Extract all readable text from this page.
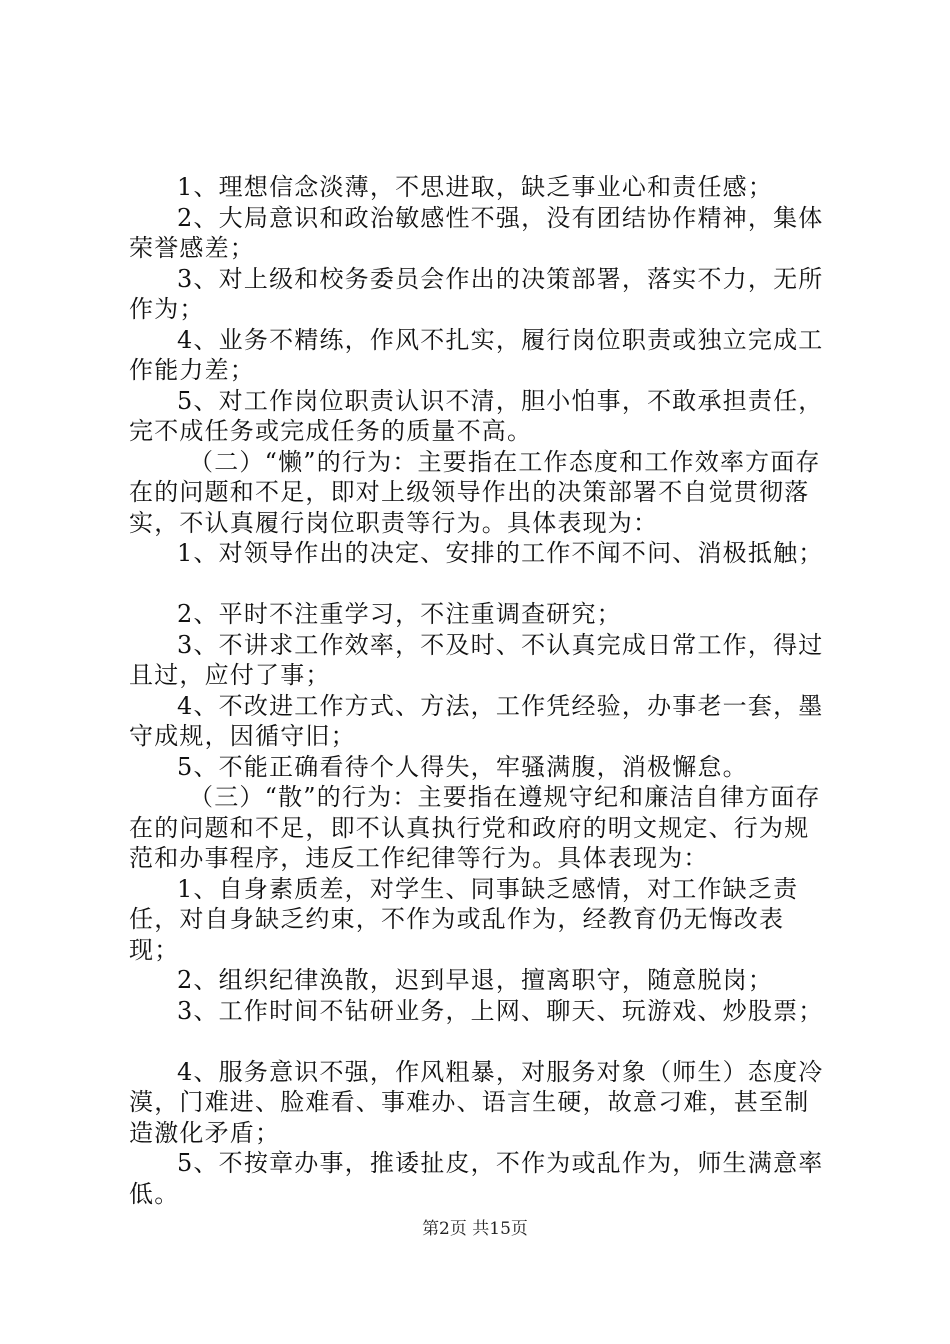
1、理想信念淡薄，不思进取，缺乏事业心和责任感；

2、大局意识和政治敏感性不强，没有团结协作精神，集体荣誉感差；

3、对上级和校务委员会作出的决策部署，落实不力，无所作为；

4、业务不精练，作风不扎实，履行岗位职责或独立完成工作能力差；

5、对工作岗位职责认识不清，胆小怕事，不敢承担责任，完不成任务或完成任务的质量不高。

（二）“懒”的行为：主要指在工作态度和工作效率方面存在的问题和不足，即对上级领导作出的决策部署不自觉贯彻落实，不认真履行岗位职责等行为。具体表现为：

1、对领导作出的决定、安排的工作不闻不问、消极抵触；

2、平时不注重学习，不注重调查研究；

3、不讲求工作效率，不及时、不认真完成日常工作，得过且过，应付了事；

4、不改进工作方式、方法，工作凭经验，办事老一套，墨守成规，因循守旧；

5、不能正确看待个人得失，牢骚满腹，消极懈怠。

（三）“散”的行为：主要指在遵规守纪和廉洁自律方面存在的问题和不足，即不认真执行党和政府的明文规定、行为规范和办事程序，违反工作纪律等行为。具体表现为：

1、自身素质差，对学生、同事缺乏感情，对工作缺乏责任，对自身缺乏约束，不作为或乱作为，经教育仍无悔改表现；

2、组织纪律涣散，迟到早退，擅离职守，随意脱岗；

3、工作时间不钻研业务，上网、聊天、玩游戏、炒股票；

4、服务意识不强，作风粗暴，对服务对象（师生）态度冷漠，门难进、脸难看、事难办、语言生硬，故意刁难，甚至制造激化矛盾；

5、不按章办事，推诿扯皮，不作为或乱作为，师生满意率低。

第2页 共15页
